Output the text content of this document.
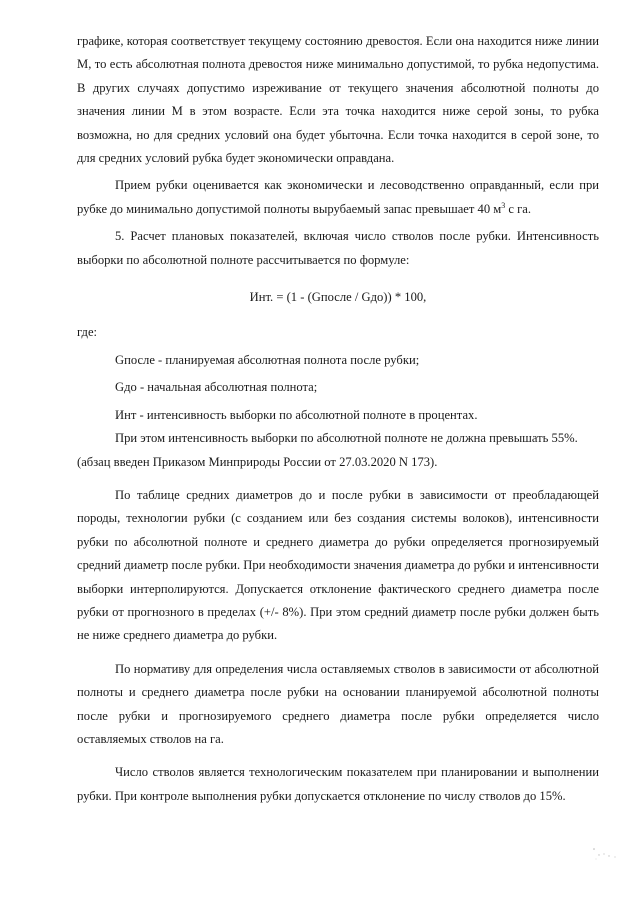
графике, которая соответствует текущему состоянию древостоя. Если она находится ниже линии М, то есть абсолютная полнота древостоя ниже минимально допустимой, то рубка недопустима. В других случаях допустимо изреживание от текущего значения абсолютной полноты до значения линии М в этом возрасте. Если эта точка находится ниже серой зоны, то рубка возможна, но для средних условий она будет убыточна. Если точка находится в серой зоне, то для средних условий рубка будет экономически оправдана.

Прием рубки оценивается как экономически и лесоводственно оправданный, если при рубке до минимально допустимой полноты вырубаемый запас превышает 40 $м^3$ с га.

5. Расчет плановых показателей, включая число стволов после рубки. Интенсивность выборки по абсолютной полноте рассчитывается по формуле:

Инт. = (1 - (Gпосле / Gдо)) * 100,

где:

Gпосле - планируемая абсолютная полнота после рубки;

Gдо - начальная абсолютная полнота;

Инт - интенсивность выборки по абсолютной полноте в процентах.

При этом интенсивность выборки по абсолютной полноте не должна превышать 55%.

(абзац введен Приказом Минприроды России от 27.03.2020 N 173).

По таблице средних диаметров до и после рубки в зависимости от преобладающей породы, технологии рубки (с созданием или без создания системы волоков), интенсивности рубки по абсолютной полноте и среднего диаметра до рубки определяется прогнозируемый средний диаметр после рубки. При необходимости значения диаметра до рубки и интенсивности выборки интерполируются. Допускается отклонение фактического среднего диаметра после рубки от прогнозного в пределах (+/- 8%). При этом средний диаметр после рубки должен быть не ниже среднего диаметра до рубки.

По нормативу для определения числа оставляемых стволов в зависимости от абсолютной полноты и среднего диаметра после рубки на основании планируемой абсолютной полноты после рубки и прогнозируемого среднего диаметра после рубки определяется число оставляемых стволов на га.

Число стволов является технологическим показателем при планировании и выполнении рубки. При контроле выполнения рубки допускается отклонение по числу стволов до 15%.
